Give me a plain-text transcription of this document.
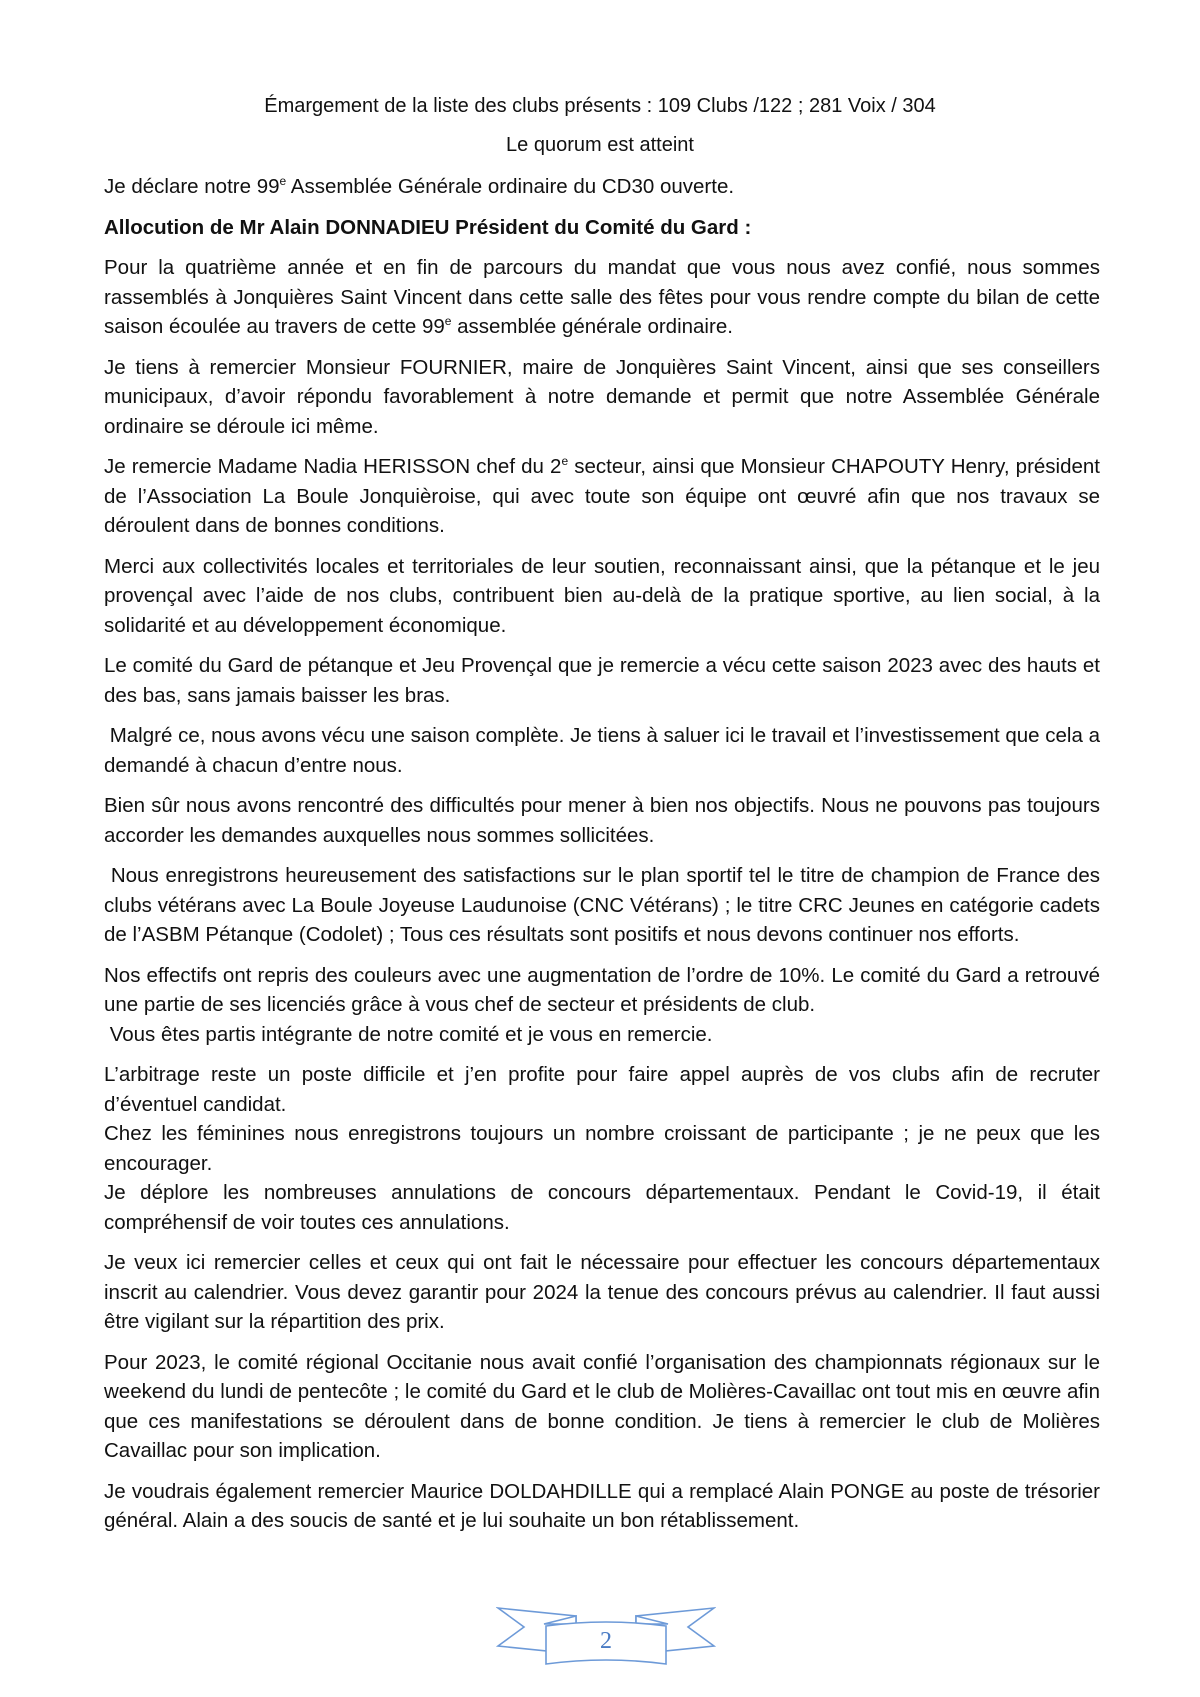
Émargement de la liste des clubs présents : 109 Clubs /122 ; 281 Voix / 304
Le quorum est atteint

Je déclare notre 99e Assemblée Générale ordinaire du CD30 ouverte.

Allocution de Mr Alain DONNADIEU Président du Comité du Gard :

Pour la quatrième année et en fin de parcours du mandat que vous nous avez confié, nous sommes rassemblés à Jonquières Saint Vincent dans cette salle des fêtes pour vous rendre compte du bilan de cette saison écoulée au travers de cette 99e assemblée générale ordinaire.

Je tiens à remercier Monsieur FOURNIER, maire de Jonquières Saint Vincent, ainsi que ses conseillers municipaux, d’avoir répondu favorablement à notre demande et permit que notre Assemblée Générale ordinaire se déroule ici même.

Je remercie Madame Nadia HERISSON chef du 2e secteur, ainsi que Monsieur CHAPOUTY Henry, président de l’Association La Boule Jonquièroise, qui avec toute son équipe ont œuvré afin que nos travaux se déroulent dans de bonnes conditions.

Merci aux collectivités locales et territoriales de leur soutien, reconnaissant ainsi, que la pétanque et le jeu provençal avec l’aide de nos clubs, contribuent bien au-delà de la pratique sportive, au lien social, à la solidarité et au développement économique.

Le comité du Gard de pétanque et Jeu Provençal que je remercie a vécu cette saison 2023 avec des hauts et des bas, sans jamais baisser les bras.

Malgré ce, nous avons vécu une saison complète. Je tiens à saluer ici le travail et l’investissement que cela a demandé à chacun d’entre nous.

Bien sûr nous avons rencontré des difficultés pour mener à bien nos objectifs. Nous ne pouvons pas toujours accorder les demandes auxquelles nous sommes sollicitées.

Nous enregistrons heureusement des satisfactions sur le plan sportif tel le titre de champion de France des clubs vétérans avec La Boule Joyeuse Laudunoise (CNC Vétérans) ; le titre CRC Jeunes en catégorie cadets de l’ASBM Pétanque (Codolet) ; Tous ces résultats sont positifs et nous devons continuer nos efforts.

Nos effectifs ont repris des couleurs avec une augmentation de l’ordre de 10%. Le comité du Gard a retrouvé une partie de ses licenciés grâce à vous chef de secteur et présidents de club.
Vous êtes partis intégrante de notre comité et je vous en remercie.

L’arbitrage reste un poste difficile et j’en profite pour faire appel auprès de vos clubs afin de recruter d’éventuel candidat.
Chez les féminines nous enregistrons toujours un nombre croissant de participante ; je ne peux que les encourager.
Je déplore les nombreuses annulations de concours départementaux. Pendant le Covid-19, il était compréhensif de voir toutes ces annulations.

Je veux ici remercier celles et ceux qui ont fait le nécessaire pour effectuer les concours départementaux inscrit au calendrier. Vous devez garantir pour 2024 la tenue des concours prévus au calendrier. Il faut aussi être vigilant sur la répartition des prix.

Pour 2023, le comité régional Occitanie nous avait confié l’organisation des championnats régionaux sur le weekend du lundi de pentecôte ; le comité du Gard et le club de Molières-Cavaillac ont tout mis en œuvre afin que ces manifestations se déroulent dans de bonne condition. Je tiens à remercier le club de Molières Cavaillac pour son implication.

Je voudrais également remercier Maurice DOLDAHDILLE qui a remplacé Alain PONGE au poste de trésorier général. Alain a des soucis de santé et je lui souhaite un bon rétablissement.

2
